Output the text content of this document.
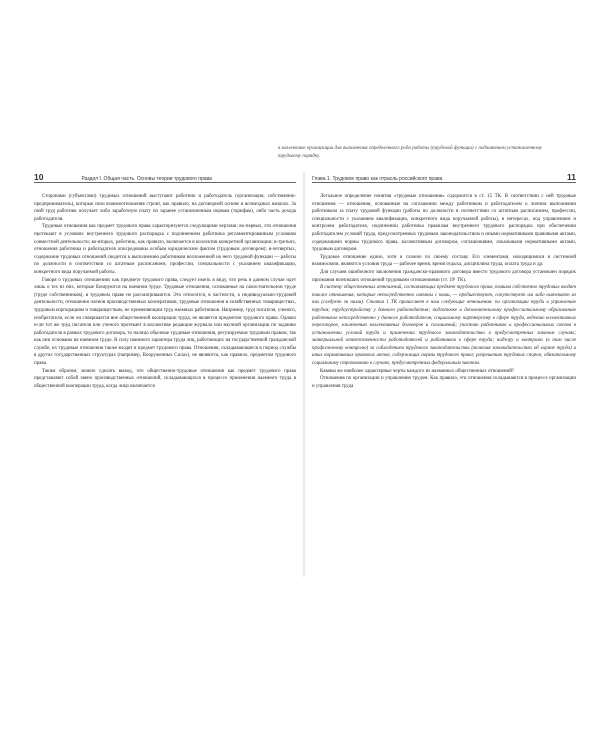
в коллективе организации для выполнения определенного рода работы (трудовой функции) с подчинением установленному трудовому порядку.

10	Раздел I. Общая часть. Основы теории трудового права

Сторонами (субъектами) трудовых отношений выступают работник и работодатель (организация, собственник-предприниматель), которые свои взаимоотношения строят, как правило, на договорной основе и возмездных началах. За свой труд работник получает либо заработную плату по заранее установленным нормам (тарифам), либо часть дохода работодателя.

Трудовые отношения как предмет трудового права характеризуются следующими чертами: во-первых, эти отношения протекают в условиях внутреннего трудового распорядка с подчинением работника регламентированным условиям совместной деятельности; во-вторых, работник, как правило, включается в коллектив конкретной организации; в-третьих, отношения работника и работодателя опосредованы особым юридическим фактом (трудовым договором); в-четвертых, содержание трудовых отношений сводится к выполнению работником возложенной на него трудовой функции — работы по должности в соответствии со штатным расписанием, профессии, специальности с указанием квалификации, конкретного вида поручаемой работы.

Говоря о трудовых отношениях как предмете трудового права, следует иметь в виду, что речь в данном случае идет лишь о тех из них, которые базируются на наемном труде. Трудовые отношения, основанные на самостоятельном труде (труде собственников), в трудовом праве не рассматриваются. Это относится, в частности, к индивидуально-трудовой деятельности, отношения членов производственных кооперативов, трудовые отношения в хозяйственных товариществах, трудовым корпорациям и товариществам, не применяющим труд наемных работников. Например, труд писателя, ученого, изобретателя, если он совершается вне общественной кооперации труда, не является предметом трудового права. Однако если тот же труд писателя или ученого протекает в коллективе редакции журнала или научной организации по заданию работодателя в рамках трудового договора, то налицо обычные трудовые отношения, регулируемые трудовым правом, так как они основаны на наемном труде. В силу наемного характера труда лиц, работающих на государственной гражданской службе, их трудовые отношения также входят в предмет трудового права. Отношения, складывающиеся в период службы в других государственных структурах (например, Вооруженных Силах), не являются, как правило, предметом трудового права.

Таким образом, можно сделать вывод, что общественно-трудовые отношения как предмет трудового права представляют собой звено производственных отношений, складывающихся в процессе применения наемного труда в общественной кооперации труда, когда лицо включается

Глава 1. Трудовое право как отрасль российского права	11

Легальное определение понятия «трудовые отношения» содержится в ст. 15 ТК. В соответствии с ней трудовые отношения — отношения, основанные на соглашении между работником и работодателем о личном выполнении работником за плату трудовой функции (работы по должности в соответствии со штатным расписанием, профессии, специальности с указанием квалификации, конкретного вида поручаемой работы), в интересах, под управлением и контролем работодателя, подчинении работника правилам внутреннего трудового распорядка при обеспечении работодателем условий труда, предусмотренных трудовым законодательством и иными нормативными правовыми актами, содержащими нормы трудового права, коллективным договором, соглашениями, локальными нормативными актами, трудовым договором.

Трудовое отношение едино, хотя и сложно по своему составу. Его элементами, находящимися в системной взаимосвязи, являются условия труда — рабочее время, время отдыха, дисциплина труда, оплата труда и др.

Для случаев ошибочного заключения гражданско-правового договора вместо трудового договора установлен порядок признания возникших отношений трудовыми отношениями (ст. 19¹ ТК).

В систему общественных отношений, составляющих предмет трудового права, помимо собственно трудовых входят также отношения, которые непосредственно связаны с ними, — предшествуют, сопутствуют им либо вытекают из них (следуют за ними). Статья 1 ТК причисляет к ним следующие отношения: по организации труда и управлению трудом; трудоустройству у данного работодателя; подготовке и дополнительному профессиональному образованию работников непосредственно у данного работодателя; социальному партнерству в сфере труда, ведению коллективных переговоров, заключению коллективных договоров и соглашений; участию работников и профессиональных союзов в установлении условий труда и применении трудового законодательства в предусмотренных законом случаях; материальной ответственности работодателей и работников в сфере труда; надзору и контролю (в том числе профсоюзному контролю) за соблюдением трудового законодательства (включая законодательство об охране труда) и иных нормативных правовых актов, содержащих нормы трудового права; разрешению трудовых споров; обязательному социальному страхованию в случаях, предусмотренных федеральным законом.

Каковы же наиболее характерные черты каждого из названных общественных отношений?

Отношения по организации и управлению трудом. Как правило, эти отношения складываются в процессе организации и управления труда
